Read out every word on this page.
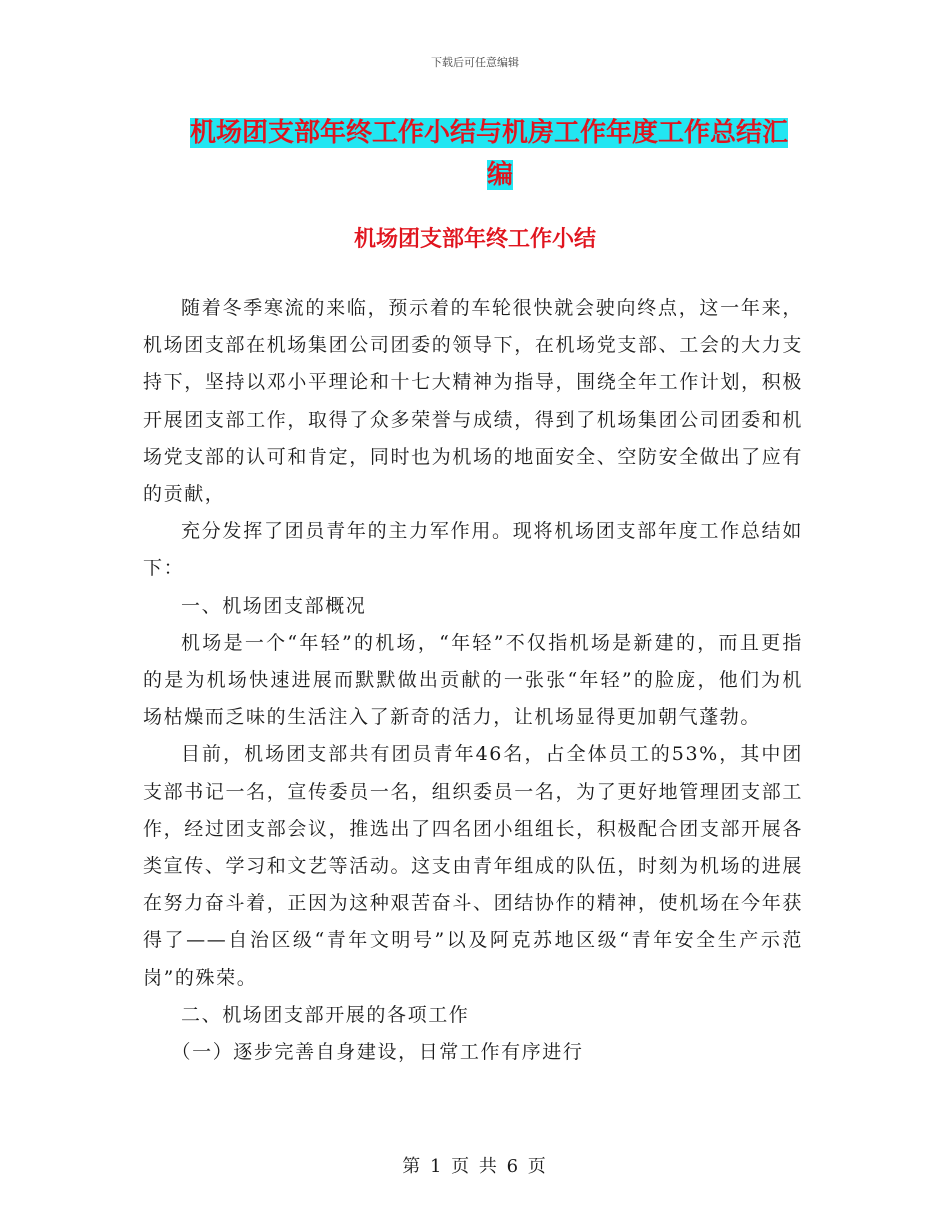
下载后可任意编辑
机场团支部年终工作小结与机房工作年度工作总结汇
编
机场团支部年终工作小结

随着冬季寒流的来临，预示着的车轮很快就会驶向终点，这一年来，机场团支部在机场集团公司团委的领导下，在机场党支部、工会的大力支持下，坚持以邓小平理论和十七大精神为指导，围绕全年工作计划，积极开展团支部工作，取得了众多荣誉与成绩，得到了机场集团公司团委和机场党支部的认可和肯定，同时也为机场的地面安全、空防安全做出了应有的贡献，

充分发挥了团员青年的主力军作用。现将机场团支部年度工作总结如下：

一、机场团支部概况

机场是一个“年轻”的机场，“年轻”不仅指机场是新建的，而且更指的是为机场快速进展而默默做出贡献的一张张“年轻”的脸庞，他们为机场枯燥而乏味的生活注入了新奇的活力，让机场显得更加朝气蓬勃。

目前，机场团支部共有团员青年46名，占全体员工的53%，其中团支部书记一名，宣传委员一名，组织委员一名，为了更好地管理团支部工作，经过团支部会议，推选出了四名团小组组长，积极配合团支部开展各类宣传、学习和文艺等活动。这支由青年组成的队伍，时刻为机场的进展在努力奋斗着，正因为这种艰苦奋斗、团结协作的精神，使机场在今年获得了——自治区级“青年文明号”以及阿克苏地区级“青年安全生产示范岗”的殊荣。

二、机场团支部开展的各项工作

（一）逐步完善自身建设，日常工作有序进行

第 1 页 共 6 页
